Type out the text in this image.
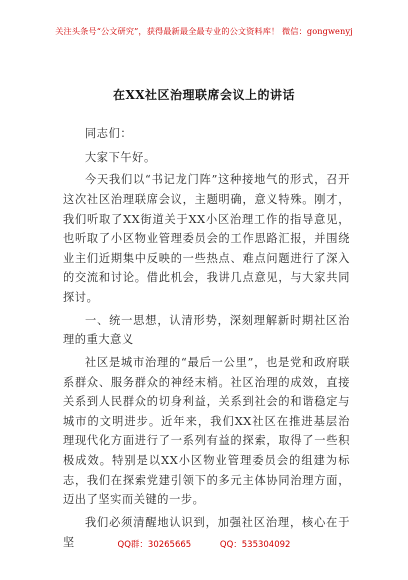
关注头条号“公文研究”，获得最新最全最专业的公文资料库！ 微信：gongwenyj
在XX社区治理联席会议上的讲话

同志们：

大家下午好。

今天我们以“书记龙门阵”这种接地气的形式，召开这次社区治理联席会议，主题明确，意义特殊。刚才，我们听取了XX街道关于XX小区治理工作的指导意见，也听取了小区物业管理委员会的工作思路汇报，并围绕业主们近期集中反映的一些热点、难点问题进行了深入的交流和讨论。借此机会，我讲几点意见，与大家共同探讨。

一、统一思想，认清形势，深刻理解新时期社区治理的重大意义

社区是城市治理的“最后一公里”，也是党和政府联系群众、服务群众的神经末梢。社区治理的成效，直接关系到人民群众的切身利益，关系到社会的和谐稳定与城市的文明进步。近年来，我们XX社区在推进基层治理现代化方面进行了一系列有益的探索，取得了一些积极成效。特别是以XX小区物业管理委员会的组建为标志，我们在探索党建引领下的多元主体协同治理方面，迈出了坚实而关键的一步。

我们必须清醒地认识到，加强社区治理，核心在于坚	QQ群：30265665	QQ：535304092
